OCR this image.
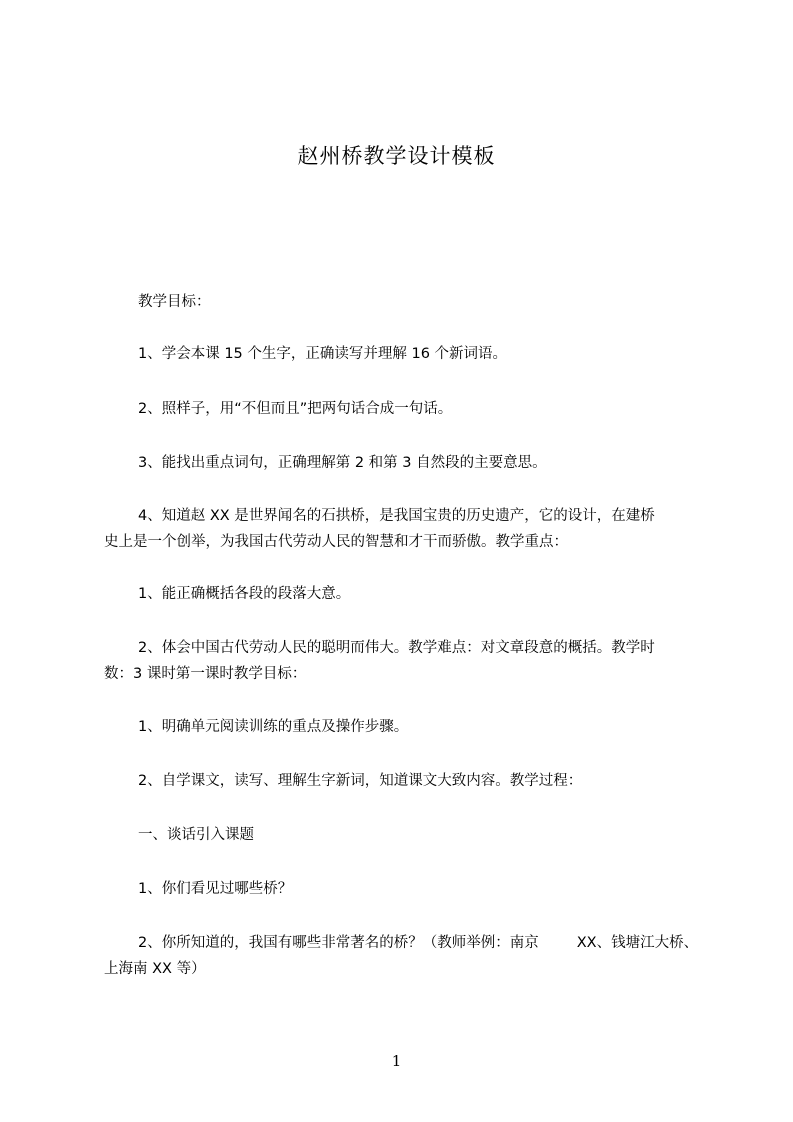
赵州桥教学设计模板
教学目标：
1、学会本课 15 个生字，正确读写并理解 16 个新词语。
2、照样子，用“不但而且”把两句话合成一句话。
3、能找出重点词句，正确理解第 2 和第 3 自然段的主要意思。
4、知道赵 XX 是世界闻名的石拱桥，是我国宝贵的历史遗产，它的设计，在建桥
史上是一个创举，为我国古代劳动人民的智慧和才干而骄傲。教学重点：
1、能正确概括各段的段落大意。
2、体会中国古代劳动人民的聪明而伟大。教学难点：对文章段意的概括。教学时
数：3 课时第一课时教学目标：
1、明确单元阅读训练的重点及操作步骤。
2、自学课文，读写、理解生字新词，知道课文大致内容。教学过程：
一、谈话引入课题
1、你们看见过哪些桥？
2、你所知道的，我国有哪些非常著名的桥？（教师举例：南京	XX、钱塘江大桥、
上海南 XX 等）
1
